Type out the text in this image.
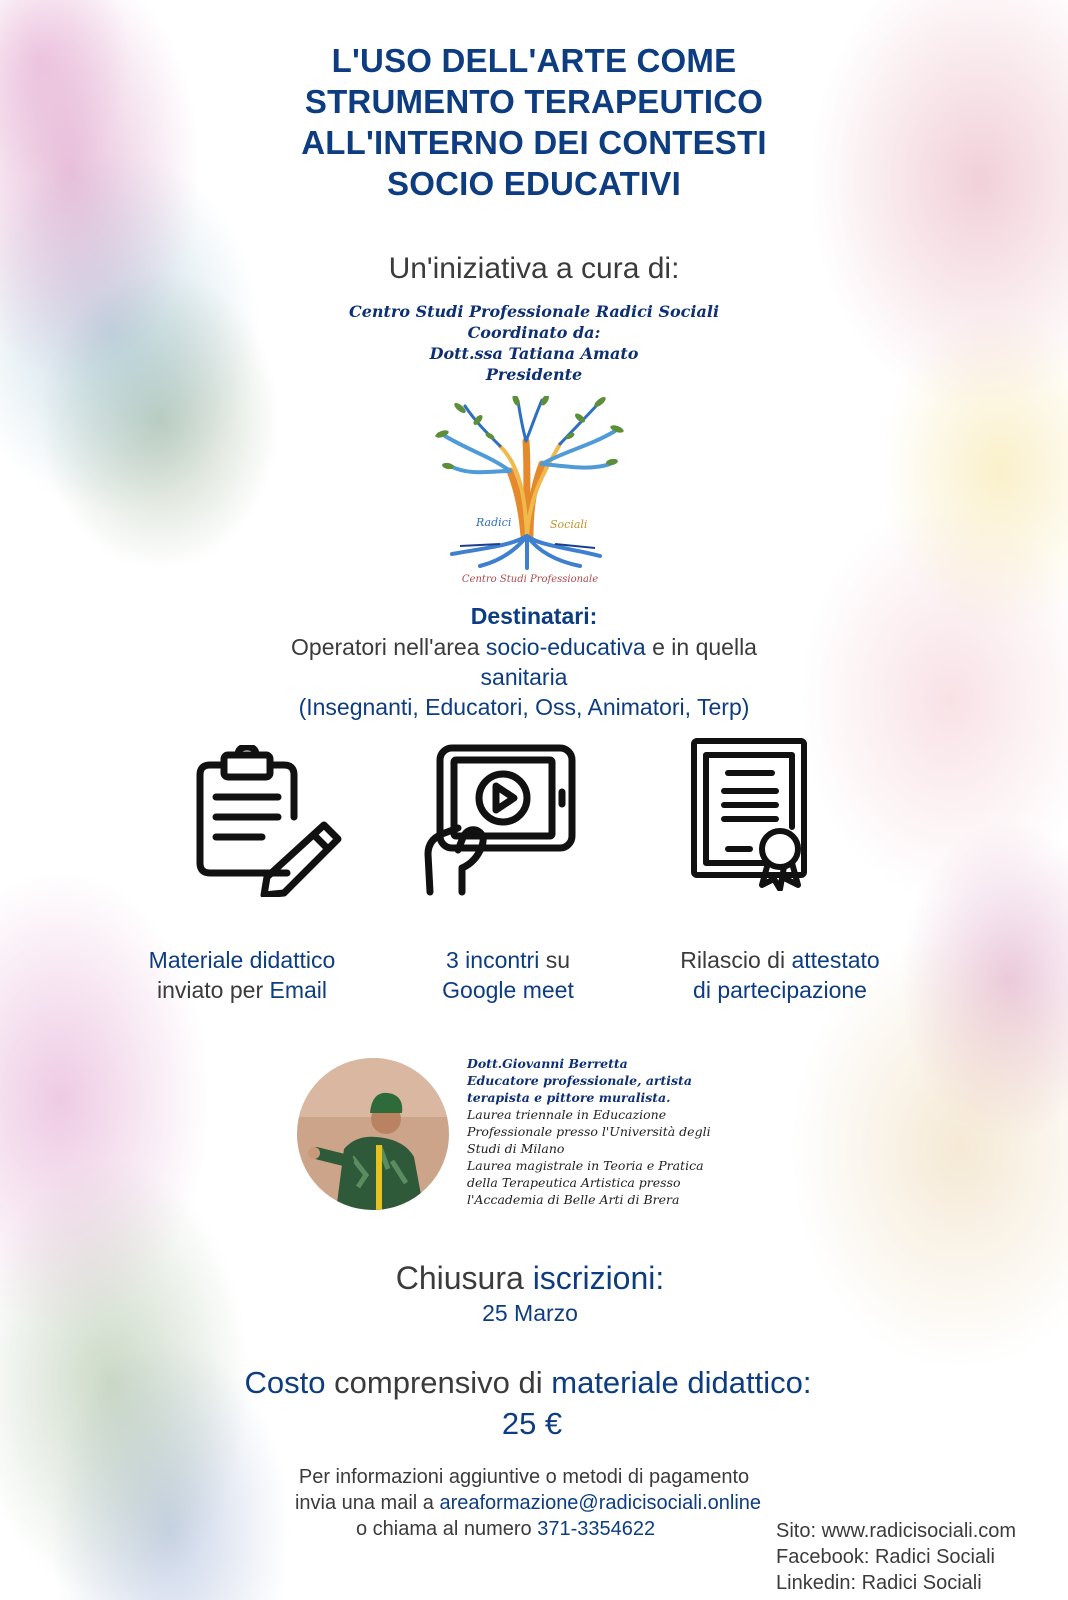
L'USO DELL'ARTE COME
STRUMENTO TERAPEUTICO
ALL'INTERNO DEI CONTESTI
SOCIO EDUCATIVI
Un'iniziativa a cura di:
Centro Studi Professionale Radici Sociali
Coordinato da:
Dott.ssa Tatiana Amato
Presidente
Radici	Sociali
Centro Studi Professionale
Destinatari:
Operatori nell'area socio-educativa e in quella
sanitaria
(Insegnanti, Educatori, Oss, Animatori, Terp)
Materiale didattico
inviato per Email
3 incontri su
Google meet
Rilascio di attestato
di partecipazione
Dott.Giovanni Berretta
Educatore professionale, artista
terapista e pittore muralista.
Laurea triennale in Educazione
Professionale presso l'Università degli
Studi di Milano
Laurea magistrale in Teoria e Pratica
della Terapeutica Artistica presso
l'Accademia di Belle Arti di Brera
Chiusura iscrizioni:
25 Marzo
Costo comprensivo di materiale didattico:
25 €
Per informazioni aggiuntive o metodi di pagamento
invia una mail a areaformazione@radicisociali.online
o chiama al numero 371-3354622	Sito: www.radicisociali.com
Facebook: Radici Sociali
Linkedin: Radici Sociali
